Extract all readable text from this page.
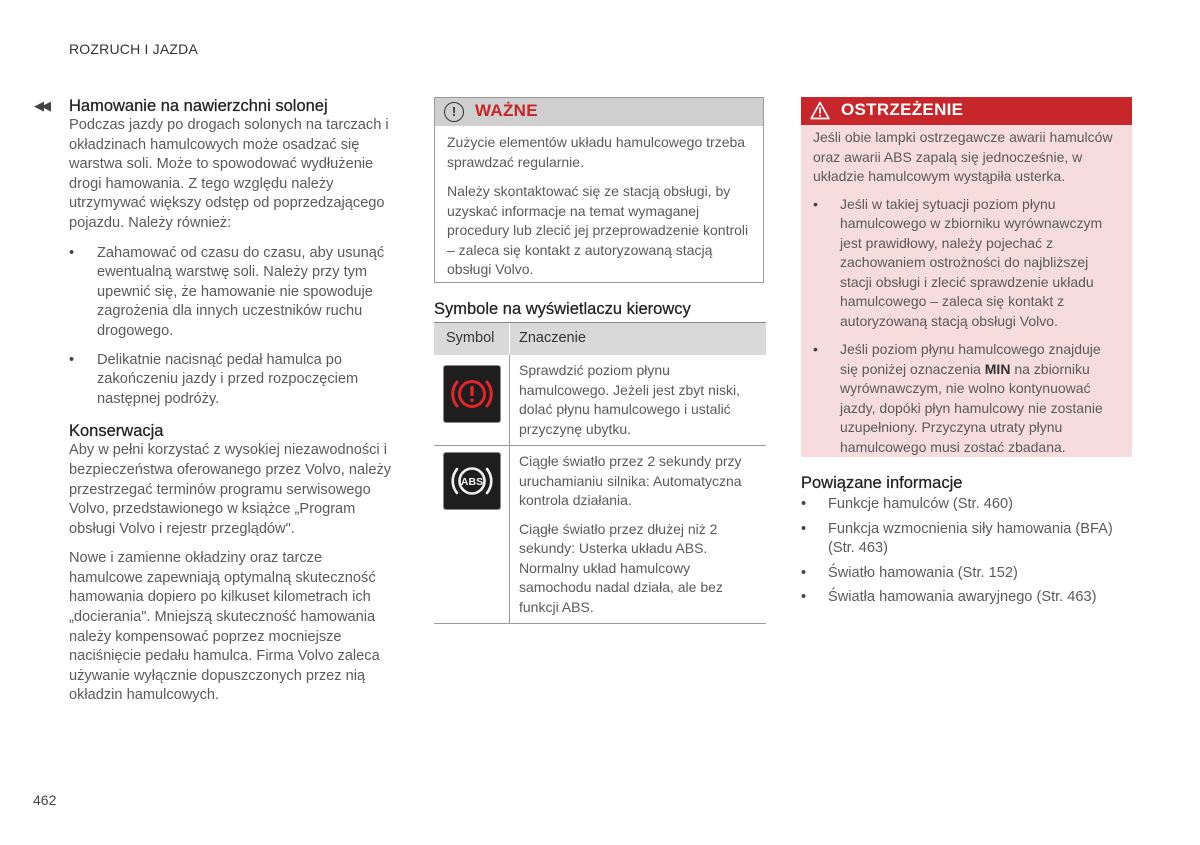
ROZRUCH I JAZDA
◀◀ Hamowanie na nawierzchni solonej

Podczas jazdy po drogach solonych na tarczach i okładzinach hamulcowych może osadzać się warstwa soli. Może to spowodować wydłużenie drogi hamowania. Z tego względu należy utrzymywać większy odstęp od poprzedzającego pojazdu. Należy również:

• Zahamować od czasu do czasu, aby usunąć ewentualną warstwę soli. Należy przy tym upewnić się, że hamowanie nie spowoduje zagrożenia dla innych uczestników ruchu drogowego.
• Delikatnie nacisnąć pedał hamulca po zakończeniu jazdy i przed rozpoczęciem następnej podróży.
Konserwacja

Aby w pełni korzystać z wysokiej niezawodności i bezpieczeństwa oferowanego przez Volvo, należy przestrzegać terminów programu serwisowego Volvo, przedstawionego w książce „Program obsługi Volvo i rejestr przeglądów".

Nowe i zamienne okładziny oraz tarcze hamulcowe zapewniają optymalną skuteczność hamowania dopiero po kilkuset kilometrach ich „docierania". Mniejszą skuteczność hamowania należy kompensować poprzez mocniejsze naciśnięcie pedału hamulca. Firma Volvo zaleca używanie wyłącznie dopuszczonych przez nią okładzin hamulcowych.

!	WAŻNE

Zużycie elementów układu hamulcowego trzeba sprawdzać regularnie.

Należy skontaktować się ze stacją obsługi, by uzyskać informacje na temat wymaganej procedury lub zlecić jej przeprowadzenie kontroli – zaleca się kontakt z autoryzowaną stacją obsługi Volvo.

Symbole na wyświetlaczu kierowcy
Symbol	Znaczenie

Sprawdzić poziom płynu hamulcowego. Jeżeli jest zbyt niski, dolać płynu hamulcowego i ustalić przyczynę ubytku.

ABS

Ciągłe światło przez 2 sekundy przy uruchamianiu silnika: Automatyczna kontrola działania.

Ciągłe światło przez dłużej niż 2 sekundy: Usterka układu ABS. Normalny układ hamulcowy samochodu nadal działa, ale bez funkcji ABS.

OSTRZEŻENIE

Jeśli obie lampki ostrzegawcze awarii hamulców oraz awarii ABS zapalą się jednocześnie, w układzie hamulcowym wystąpiła usterka.

• Jeśli w takiej sytuacji poziom płynu hamulcowego w zbiorniku wyrównawczym jest prawidłowy, należy pojechać z zachowaniem ostrożności do najbliższej stacji obsługi i zlecić sprawdzenie układu hamulcowego – zaleca się kontakt z autoryzowaną stacją obsługi Volvo.
• Jeśli poziom płynu hamulcowego znajduje się poniżej oznaczenia MIN na zbiorniku wyrównawczym, nie wolno kontynuować jazdy, dopóki płyn hamulcowy nie zostanie uzupełniony. Przyczyna utraty płynu hamulcowego musi zostać zbadana.
Powiązane informacje
• Funkcje hamulców (Str. 460)
• Funkcja wzmocnienia siły hamowania (BFA) (Str. 463)
• Światło hamowania (Str. 152)
• Światła hamowania awaryjnego (Str. 463)
462
